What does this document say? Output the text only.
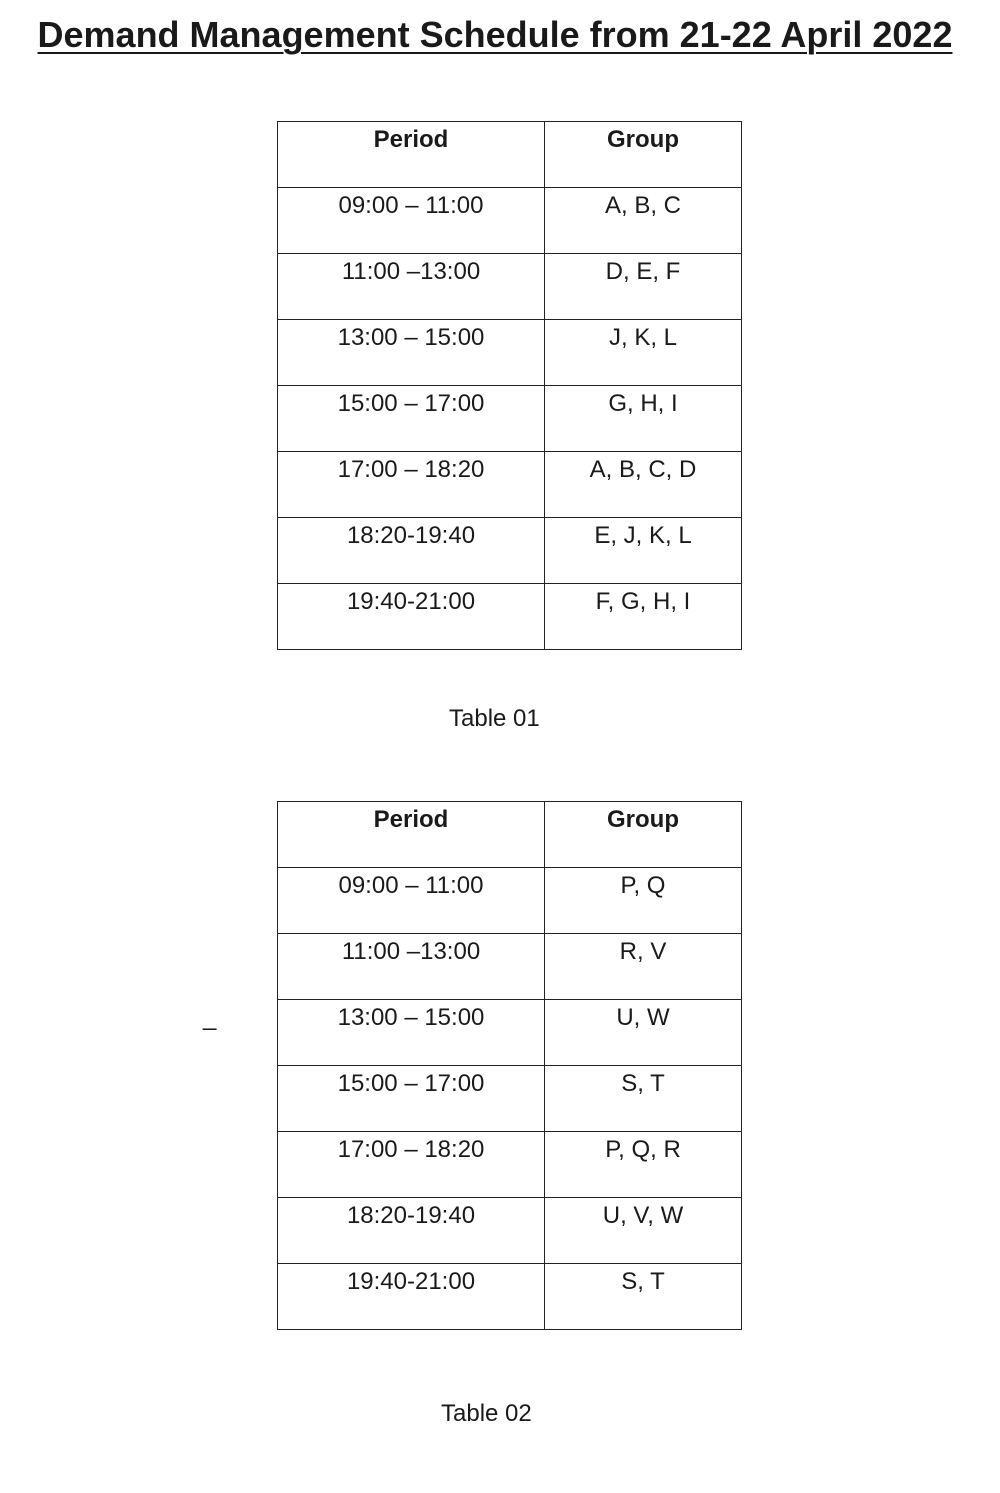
Demand Management Schedule from 21-22 April 2022
Period	Group
09:00 – 11:00	A, B, C
11:00 –13:00	D, E, F
13:00 – 15:00	J, K, L
15:00 – 17:00	G, H, I
17:00 – 18:20	A, B, C, D
18:20-19:40	E, J, K, L
19:40-21:00	F, G, H, I
Table 01
_
Period	Group
09:00 – 11:00	P, Q
11:00 –13:00	R, V
13:00 – 15:00	U, W
15:00 – 17:00	S, T
17:00 – 18:20	P, Q, R
18:20-19:40	U, V, W
19:40-21:00	S, T
Table 02
